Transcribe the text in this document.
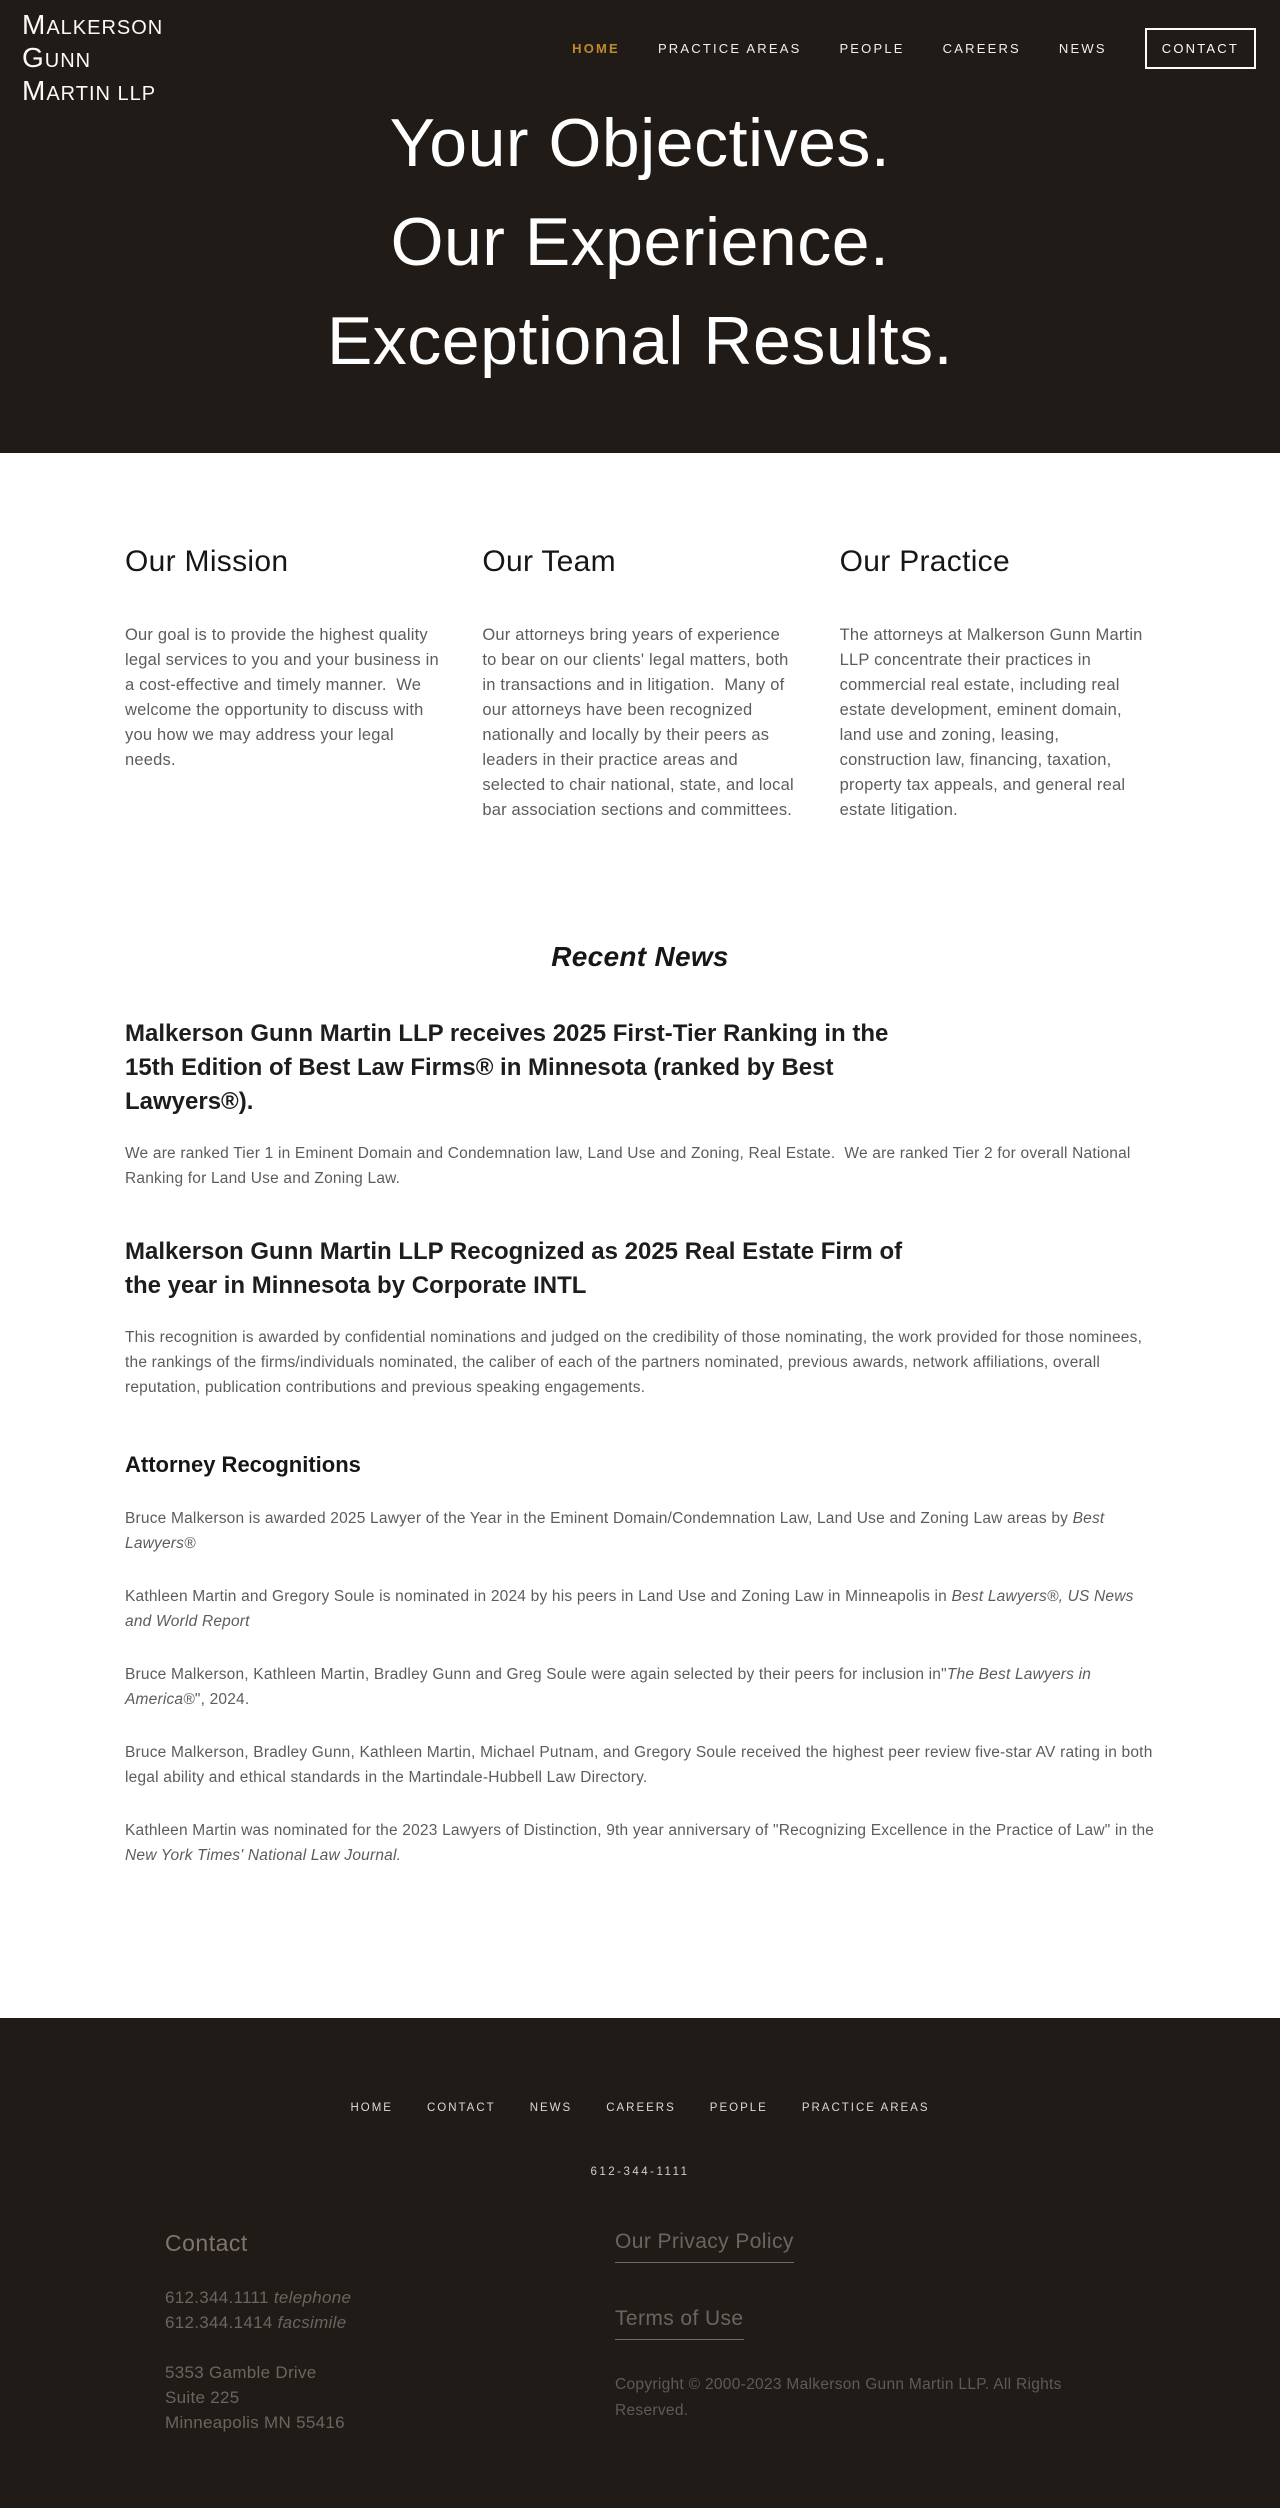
MALKERSON
GUNN
MARTIN LLP
HOME	PRACTICE AREAS	PEOPLE	CAREERS	NEWS	CONTACT
Your Objectives.
Our Experience.
Exceptional Results.
Our Mission

Our goal is to provide the highest quality legal services to you and your business in a cost-effective and timely manner.  We welcome the opportunity to discuss with you how we may address your legal needs.

Our Team

Our attorneys bring years of experience to bear on our clients' legal matters, both in transactions and in litigation.  Many of our attorneys have been recognized nationally and locally by their peers as leaders in their practice areas and selected to chair national, state, and local bar association sections and committees.

Our Practice

The attorneys at Malkerson Gunn Martin LLP concentrate their practices in commercial real estate, including real estate development, eminent domain, land use and zoning, leasing, construction law, financing, taxation, property tax appeals, and general real estate litigation.

Recent News
Malkerson Gunn Martin LLP receives 2025 First-Tier Ranking in the 15th Edition of Best Law Firms® in Minnesota (ranked by Best Lawyers®).

We are ranked Tier 1 in Eminent Domain and Condemnation law, Land Use and Zoning, Real Estate.  We are ranked Tier 2 for overall National Ranking for Land Use and Zoning Law.

Malkerson Gunn Martin LLP Recognized as 2025 Real Estate Firm of the year in Minnesota by Corporate INTL

This recognition is awarded by confidential nominations and judged on the credibility of those nominating, the work provided for those nominees, the rankings of the firms/individuals nominated, the caliber of each of the partners nominated, previous awards, network affiliations, overall reputation, publication contributions and previous speaking engagements.

Attorney Recognitions

Bruce Malkerson is awarded 2025 Lawyer of the Year in the Eminent Domain/Condemnation Law, Land Use and Zoning Law areas by Best Lawyers®

Kathleen Martin and Gregory Soule is nominated in 2024 by his peers in Land Use and Zoning Law in Minneapolis in Best Lawyers®, US News and World Report

Bruce Malkerson, Kathleen Martin, Bradley Gunn and Greg Soule were again selected by their peers for inclusion in"The Best Lawyers in America®", 2024.

Bruce Malkerson, Bradley Gunn, Kathleen Martin, Michael Putnam, and Gregory Soule received the highest peer review five-star AV rating in both legal ability and ethical standards in the Martindale-Hubbell Law Directory.

Kathleen Martin was nominated for the 2023 Lawyers of Distinction, 9th year anniversary of "Recognizing Excellence in the Practice of Law" in the New York Times' National Law Journal.

HOME	CONTACT	NEWS	CAREERS	PEOPLE	PRACTICE AREAS
612-344-1111
Contact

612.344.1111 telephone

612.344.1414 facsimile

5353 Gamble Drive

Suite 225

Minneapolis MN 55416

Our Privacy Policy
Terms of Use

Copyright © 2000-2023 Malkerson Gunn Martin LLP. All Rights Reserved.
